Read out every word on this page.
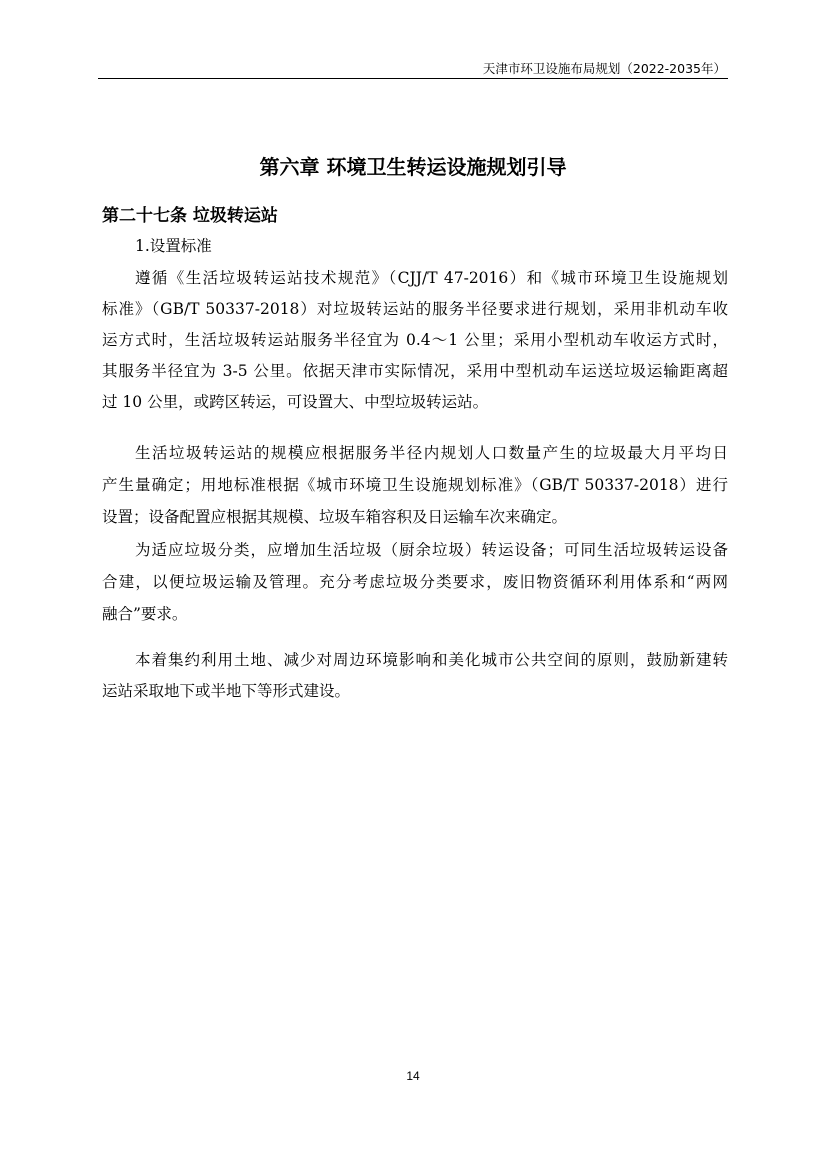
天津市环卫设施布局规划（2022-2035年）
第六章 环境卫生转运设施规划引导
第二十七条 垃圾转运站
1.设置标准
遵循《生活垃圾转运站技术规范》（CJJ/T 47-2016）和《城市环境卫生设施规划
标准》（GB/T 50337-2018）对垃圾转运站的服务半径要求进行规划，采用非机动车收
运方式时，生活垃圾转运站服务半径宜为 0.4～1 公里；采用小型机动车收运方式时，
其服务半径宜为 3-5 公里。依据天津市实际情况，采用中型机动车运送垃圾运输距离超
过 10 公里，或跨区转运，可设置大、中型垃圾转运站。
生活垃圾转运站的规模应根据服务半径内规划人口数量产生的垃圾最大月平均日
产生量确定；用地标准根据《城市环境卫生设施规划标准》（GB/T 50337-2018）进行
设置；设备配置应根据其规模、垃圾车箱容积及日运输车次来确定。
为适应垃圾分类，应增加生活垃圾（厨余垃圾）转运设备；可同生活垃圾转运设备
合建，以便垃圾运输及管理。充分考虑垃圾分类要求，废旧物资循环利用体系和“两网
融合”要求。
本着集约利用土地、减少对周边环境影响和美化城市公共空间的原则，鼓励新建转
运站采取地下或半地下等形式建设。
14
